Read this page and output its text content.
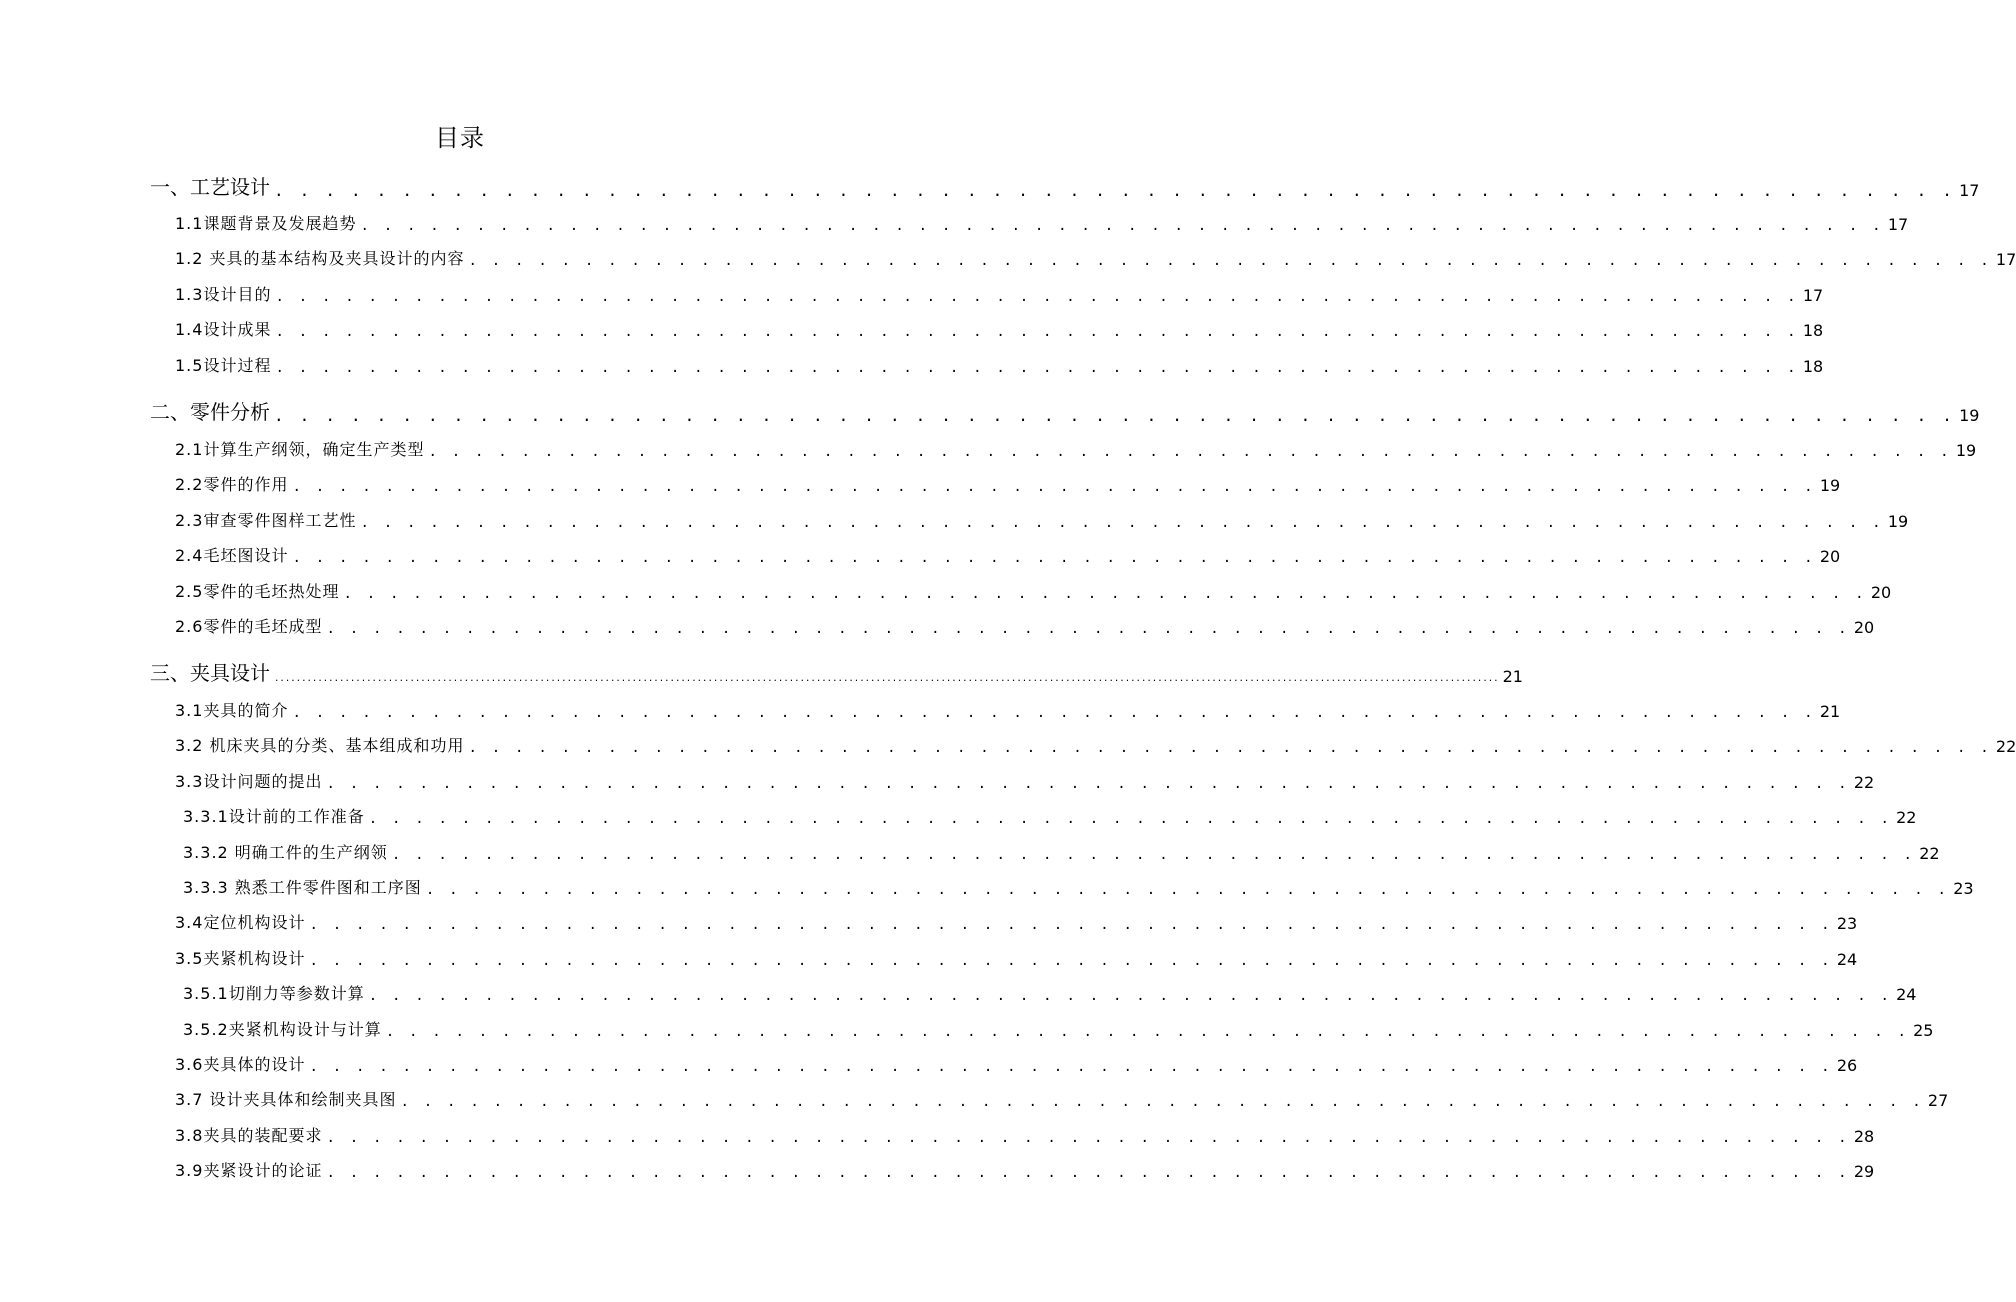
目录
一、工艺设计 . . . . . . . . . . . . . . . . . . . . . . . . . . . . . . . . . . . . . . . . . . . . . . . . . . . . . . . . . . . . . . . . . . 17
1.1课题背景及发展趋势 . . . . . . . . . . . . . . . . . . . . . . . . . . . . . . . . . . . . . . . . . . . . . . . . . . . . . . . . . . . . . . . . . . 17
1.2 夹具的基本结构及夹具设计的内容 . . . . . . . . . . . . . . . . . . . . . . . . . . . . . . . . . . . . . . . . . . . . . . . . . . . . . . . . . . . . . . . . . . 17
1.3设计目的 . . . . . . . . . . . . . . . . . . . . . . . . . . . . . . . . . . . . . . . . . . . . . . . . . . . . . . . . . . . . . . . . . . 17
1.4设计成果 . . . . . . . . . . . . . . . . . . . . . . . . . . . . . . . . . . . . . . . . . . . . . . . . . . . . . . . . . . . . . . . . . . 18
1.5设计过程 . . . . . . . . . . . . . . . . . . . . . . . . . . . . . . . . . . . . . . . . . . . . . . . . . . . . . . . . . . . . . . . . . . 18
二、零件分析 . . . . . . . . . . . . . . . . . . . . . . . . . . . . . . . . . . . . . . . . . . . . . . . . . . . . . . . . . . . . . . . . . . 19
2.1计算生产纲领，确定生产类型 . . . . . . . . . . . . . . . . . . . . . . . . . . . . . . . . . . . . . . . . . . . . . . . . . . . . . . . . . . . . . . . . . . 19
2.2零件的作用 . . . . . . . . . . . . . . . . . . . . . . . . . . . . . . . . . . . . . . . . . . . . . . . . . . . . . . . . . . . . . . . . . . 19
2.3审查零件图样工艺性 . . . . . . . . . . . . . . . . . . . . . . . . . . . . . . . . . . . . . . . . . . . . . . . . . . . . . . . . . . . . . . . . . . 19
2.4毛坯图设计 . . . . . . . . . . . . . . . . . . . . . . . . . . . . . . . . . . . . . . . . . . . . . . . . . . . . . . . . . . . . . . . . . . 20
2.5零件的毛坯热处理 . . . . . . . . . . . . . . . . . . . . . . . . . . . . . . . . . . . . . . . . . . . . . . . . . . . . . . . . . . . . . . . . . . 20
2.6零件的毛坯成型 . . . . . . . . . . . . . . . . . . . . . . . . . . . . . . . . . . . . . . . . . . . . . . . . . . . . . . . . . . . . . . . . . . 20
三、夹具设计 .................................................................................................................................................................................................................................. 21
3.1夹具的简介 . . . . . . . . . . . . . . . . . . . . . . . . . . . . . . . . . . . . . . . . . . . . . . . . . . . . . . . . . . . . . . . . . . 21
3.2 机床夹具的分类、基本组成和功用 . . . . . . . . . . . . . . . . . . . . . . . . . . . . . . . . . . . . . . . . . . . . . . . . . . . . . . . . . . . . . . . . . . 22
3.3设计问题的提出 . . . . . . . . . . . . . . . . . . . . . . . . . . . . . . . . . . . . . . . . . . . . . . . . . . . . . . . . . . . . . . . . . . 22
3.3.1设计前的工作准备 . . . . . . . . . . . . . . . . . . . . . . . . . . . . . . . . . . . . . . . . . . . . . . . . . . . . . . . . . . . . . . . . . . 22
3.3.2 明确工件的生产纲领 . . . . . . . . . . . . . . . . . . . . . . . . . . . . . . . . . . . . . . . . . . . . . . . . . . . . . . . . . . . . . . . . . . 22
3.3.3 熟悉工件零件图和工序图 . . . . . . . . . . . . . . . . . . . . . . . . . . . . . . . . . . . . . . . . . . . . . . . . . . . . . . . . . . . . . . . . . . 23
3.4定位机构设计 . . . . . . . . . . . . . . . . . . . . . . . . . . . . . . . . . . . . . . . . . . . . . . . . . . . . . . . . . . . . . . . . . . 23
3.5夹紧机构设计 . . . . . . . . . . . . . . . . . . . . . . . . . . . . . . . . . . . . . . . . . . . . . . . . . . . . . . . . . . . . . . . . . . 24
3.5.1切削力等参数计算 . . . . . . . . . . . . . . . . . . . . . . . . . . . . . . . . . . . . . . . . . . . . . . . . . . . . . . . . . . . . . . . . . . 24
3.5.2夹紧机构设计与计算 . . . . . . . . . . . . . . . . . . . . . . . . . . . . . . . . . . . . . . . . . . . . . . . . . . . . . . . . . . . . . . . . . . 25
3.6夹具体的设计 . . . . . . . . . . . . . . . . . . . . . . . . . . . . . . . . . . . . . . . . . . . . . . . . . . . . . . . . . . . . . . . . . . 26
3.7 设计夹具体和绘制夹具图 . . . . . . . . . . . . . . . . . . . . . . . . . . . . . . . . . . . . . . . . . . . . . . . . . . . . . . . . . . . . . . . . . . 27
3.8夹具的装配要求 . . . . . . . . . . . . . . . . . . . . . . . . . . . . . . . . . . . . . . . . . . . . . . . . . . . . . . . . . . . . . . . . . . 28
3.9夹紧设计的论证 . . . . . . . . . . . . . . . . . . . . . . . . . . . . . . . . . . . . . . . . . . . . . . . . . . . . . . . . . . . . . . . . . . 29
